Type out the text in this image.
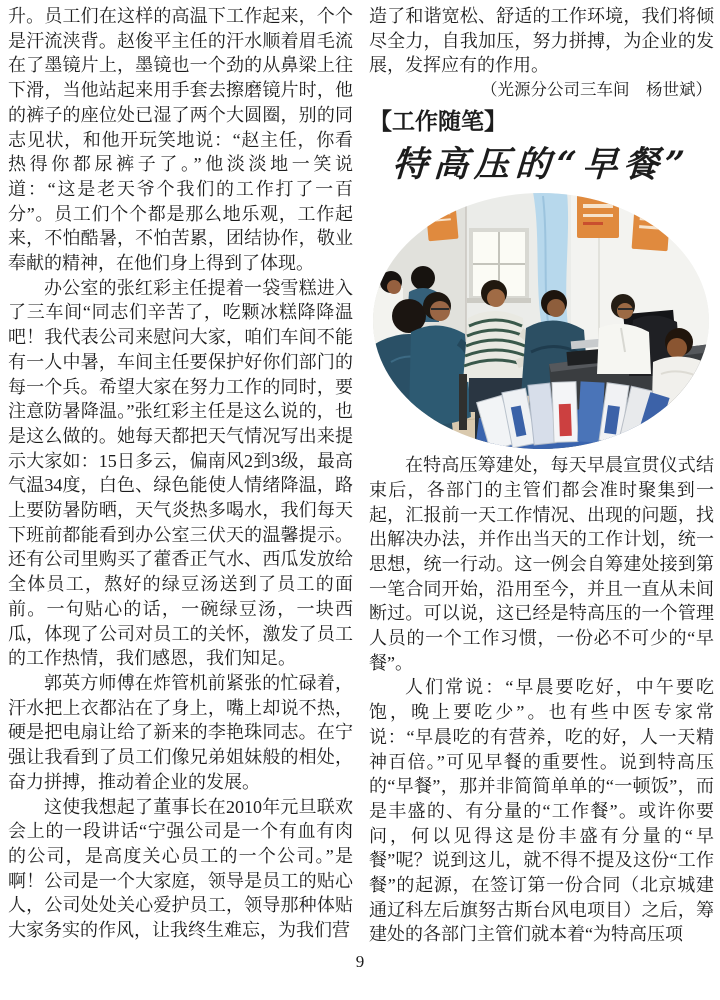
升。员工们在这样的高温下工作起来，个个是汗流浃背。赵俊平主任的汗水顺着眉毛流在了墨镜片上，墨镜也一个劲的从鼻梁上往下滑，当他站起来用手套去擦磨镜片时，他的裤子的座位处已湿了两个大圆圈，别的同志见状，和他开玩笑地说：“赵主任，你看热得你都尿裤子了。”他淡淡地一笑说道：“这是老天爷个我们的工作打了一百分”。员工们个个都是那么地乐观，工作起来，不怕酷暑，不怕苦累，团结协作，敬业奉献的精神，在他们身上得到了体现。

办公室的张红彩主任提着一袋雪糕进入了三车间“同志们辛苦了，吃颗冰糕降降温吧！我代表公司来慰问大家，咱们车间不能有一人中暑，车间主任要保护好你们部门的每一个兵。希望大家在努力工作的同时，要注意防暑降温。”张红彩主任是这么说的，也是这么做的。她每天都把天气情况写出来提示大家如：15日多云，偏南风2到3级，最高气温34度，白色、绿色能使人情绪降温，路上要防暑防晒，天气炎热多喝水，我们每天下班前都能看到办公室三伏天的温馨提示。还有公司里购买了藿香正气水、西瓜发放给全体员工，熬好的绿豆汤送到了员工的面前。一句贴心的话，一碗绿豆汤，一块西瓜，体现了公司对员工的关怀，激发了员工的工作热情，我们感恩，我们知足。

郭英方师傅在炸管机前紧张的忙碌着，汗水把上衣都沾在了身上，嘴上却说不热，硬是把电扇让给了新来的李艳珠同志。在宁强让我看到了员工们像兄弟姐妹般的相处，奋力拼搏，推动着企业的发展。

这使我想起了董事长在2010年元旦联欢会上的一段讲话“宁强公司是一个有血有肉的公司，是高度关心员工的一个公司。”是啊！公司是一个大家庭，领导是员工的贴心人，公司处处关心爱护员工，领导那种体贴大家务实的作风，让我终生难忘，为我们营

造了和谐宽松、舒适的工作环境，我们将倾尽全力，自我加压，努力拼搏，为企业的发展，发挥应有的作用。

（光源分公司三车间　杨世斌）
【工作随笔】
特高压的“早餐”

在特高压筹建处，每天早晨宣贯仪式结束后，各部门的主管们都会准时聚集到一起，汇报前一天工作情况、出现的问题，找出解决办法，并作出当天的工作计划，统一思想，统一行动。这一例会自筹建处接到第一笔合同开始，沿用至今，并且一直从未间断过。可以说，这已经是特高压的一个管理人员的一个工作习惯，一份必不可少的“早餐”。

人们常说：“早晨要吃好，中午要吃饱，晚上要吃少”。也有些中医专家常说：“早晨吃的有营养，吃的好，人一天精神百倍。”可见早餐的重要性。说到特高压的“早餐”，那并非简简单单的“一顿饭”，而是丰盛的、有分量的“工作餐”。或许你要问，何以见得这是份丰盛有分量的“早餐”呢？说到这儿，就不得不提及这份“工作餐”的起源，在签订第一份合同（北京城建通辽科左后旗努古斯台风电项目）之后，筹建处的各部门主管们就本着“为特高压项

9
